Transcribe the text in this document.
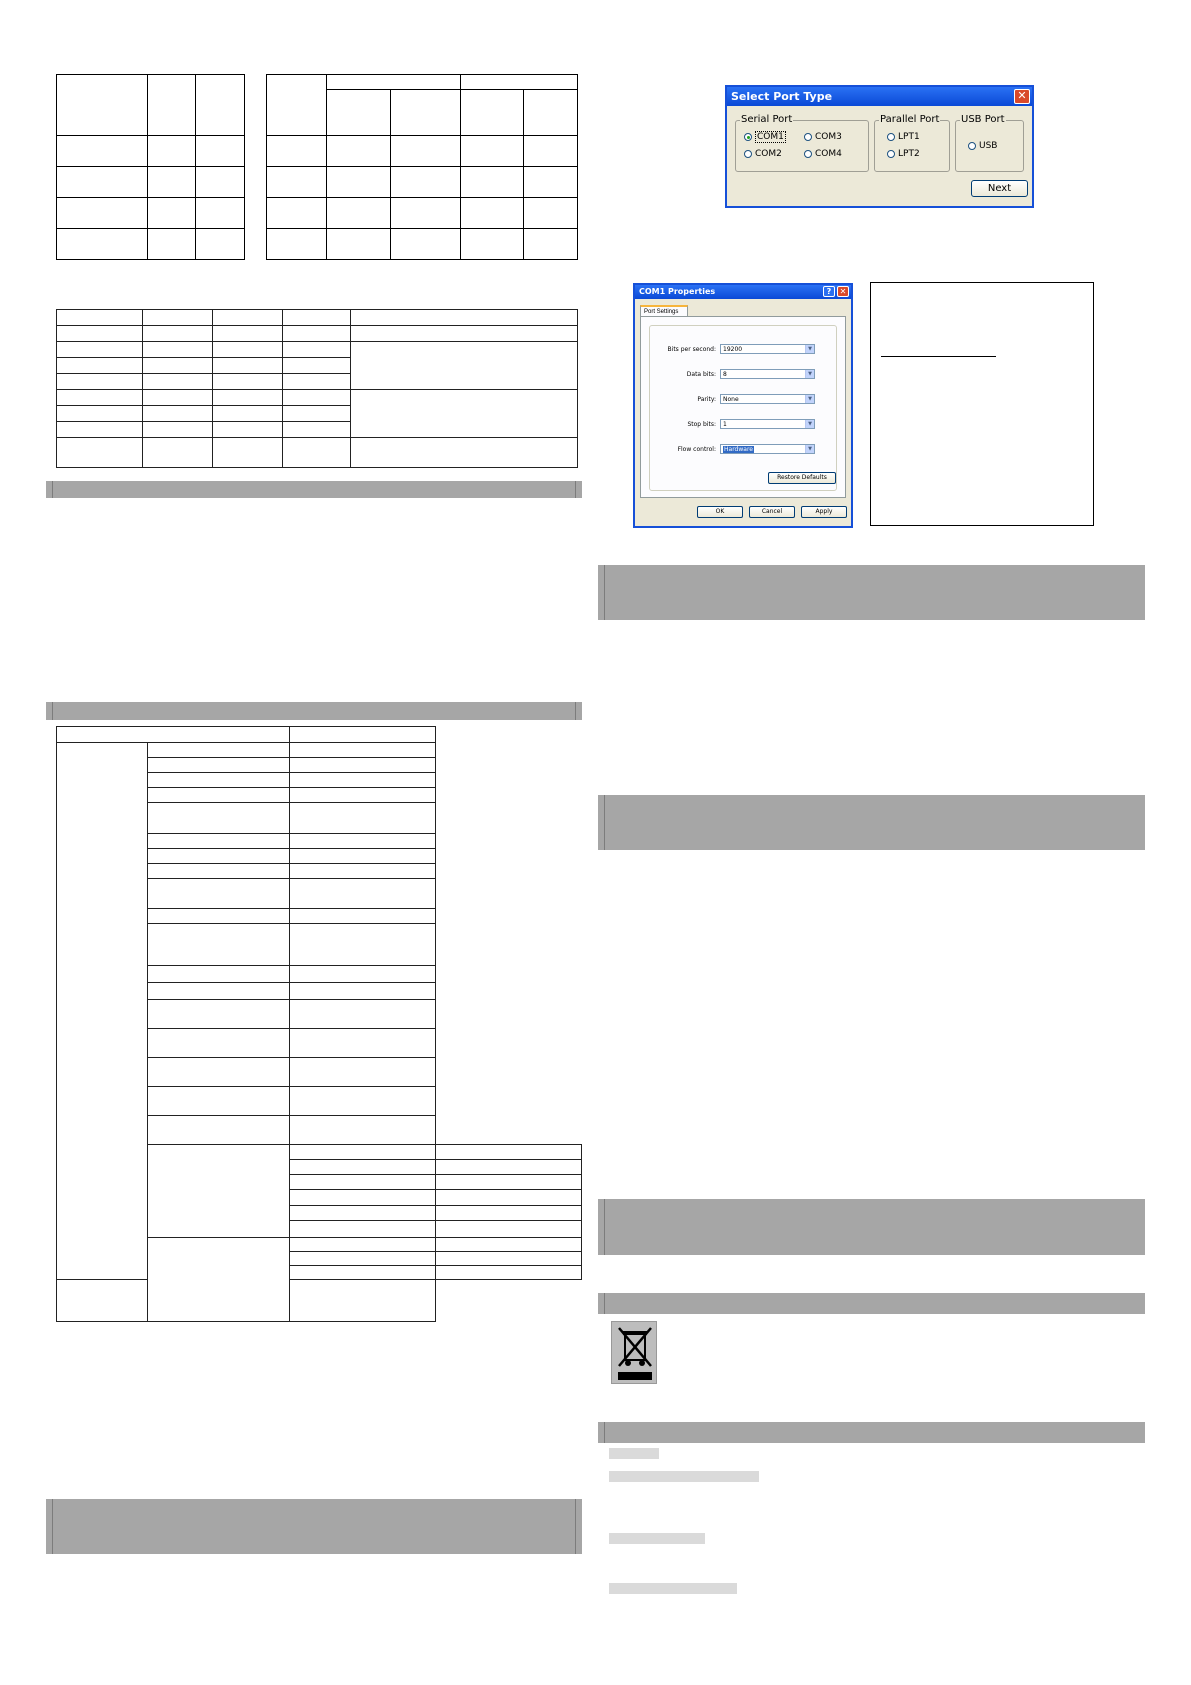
Select Port Type	✕
Serial Port
COM1	COM3
COM2	COM4
Parallel Port
LPT1
LPT2
USB Port
USB
Next
COM1 Properties	?	✕
Port Settings
Bits per second:	19200	▼
Data bits:	8	▼
Parity:	None	▼
Stop bits:	1	▼
Flow control:	Hardware	▼
Restore Defaults
OK	Cancel	Apply
